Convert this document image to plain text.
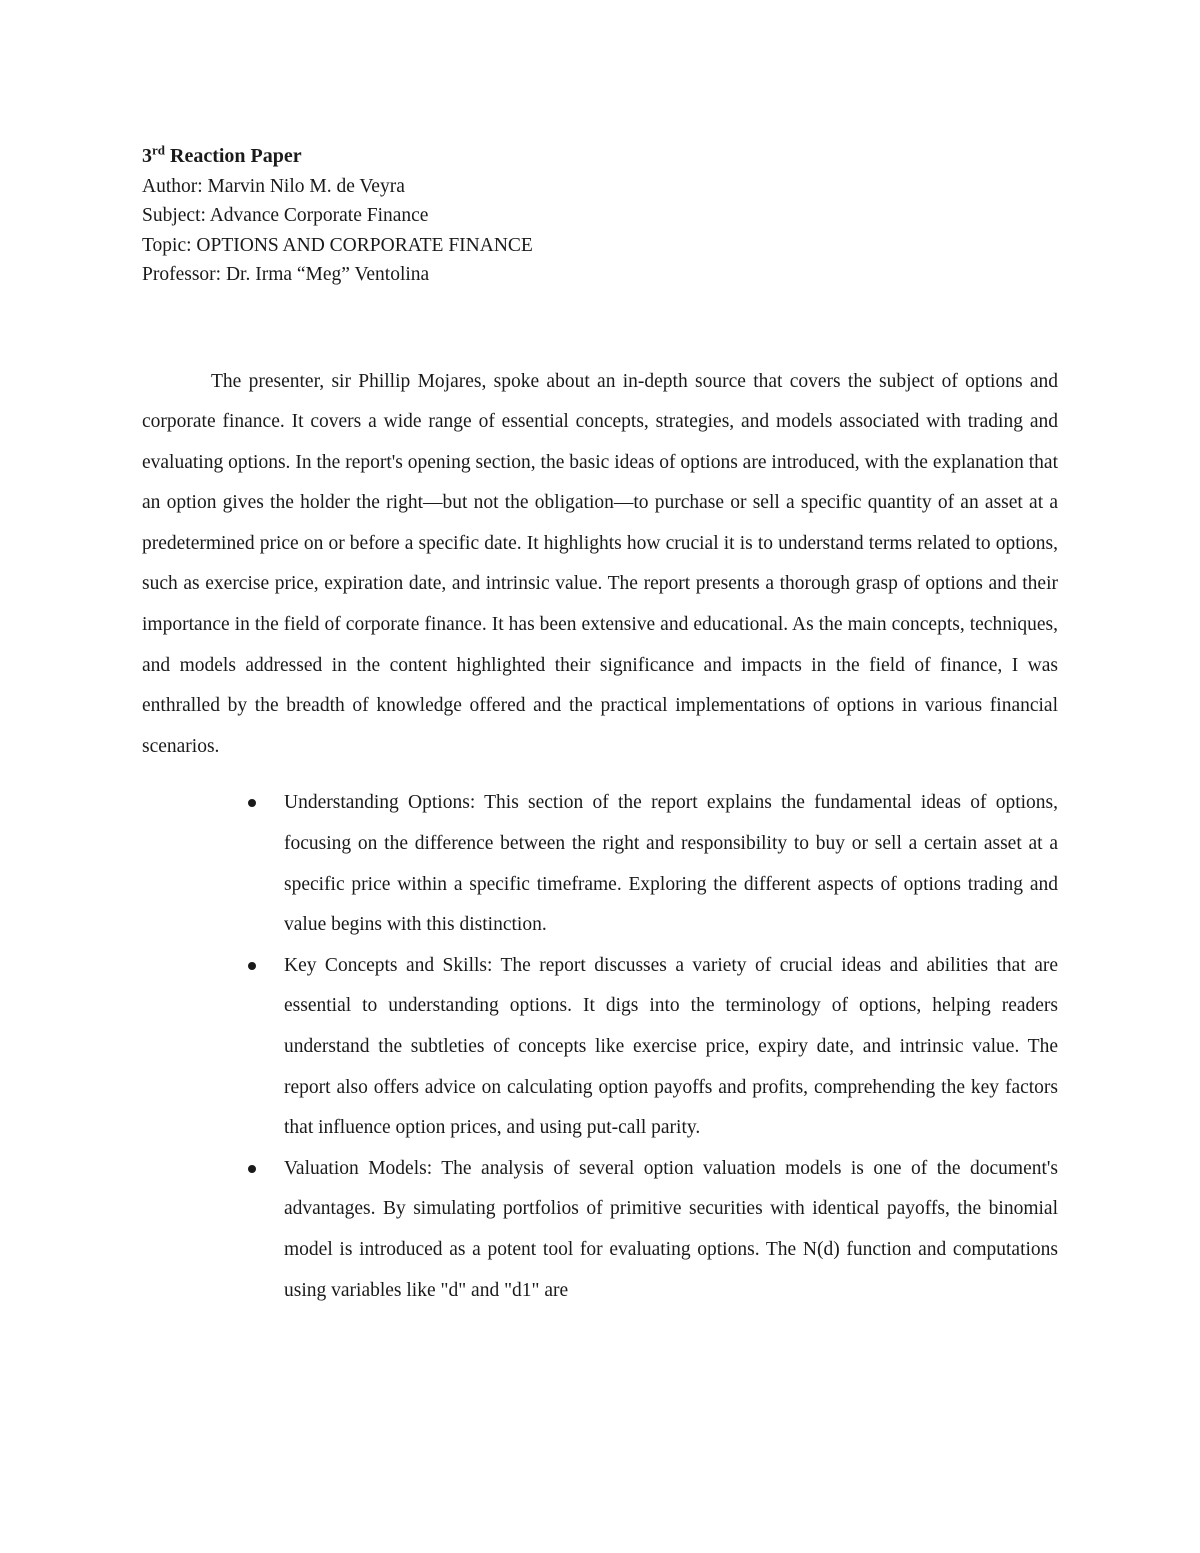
3rd Reaction Paper
Author: Marvin Nilo M. de Veyra
Subject: Advance Corporate Finance
Topic: OPTIONS AND CORPORATE FINANCE
Professor: Dr. Irma “Meg” Ventolina

The presenter, sir Phillip Mojares, spoke about an in-depth source that covers the subject of options and corporate finance. It covers a wide range of essential concepts, strategies, and models associated with trading and evaluating options. In the report's opening section, the basic ideas of options are introduced, with the explanation that an option gives the holder the right—but not the obligation—to purchase or sell a specific quantity of an asset at a predetermined price on or before a specific date. It highlights how crucial it is to understand terms related to options, such as exercise price, expiration date, and intrinsic value. The report presents a thorough grasp of options and their importance in the field of corporate finance. It has been extensive and educational. As the main concepts, techniques, and models addressed in the content highlighted their significance and impacts in the field of finance, I was enthralled by the breadth of knowledge offered and the practical implementations of options in various financial scenarios.

Understanding Options: This section of the report explains the fundamental ideas of options, focusing on the difference between the right and responsibility to buy or sell a certain asset at a specific price within a specific timeframe. Exploring the different aspects of options trading and value begins with this distinction.
Key Concepts and Skills: The report discusses a variety of crucial ideas and abilities that are essential to understanding options. It digs into the terminology of options, helping readers understand the subtleties of concepts like exercise price, expiry date, and intrinsic value. The report also offers advice on calculating option payoffs and profits, comprehending the key factors that influence option prices, and using put-call parity.
Valuation Models: The analysis of several option valuation models is one of the document's advantages. By simulating portfolios of primitive securities with identical payoffs, the binomial model is introduced as a potent tool for evaluating options. The N(d) function and computations using variables like "d" and "d1" are
